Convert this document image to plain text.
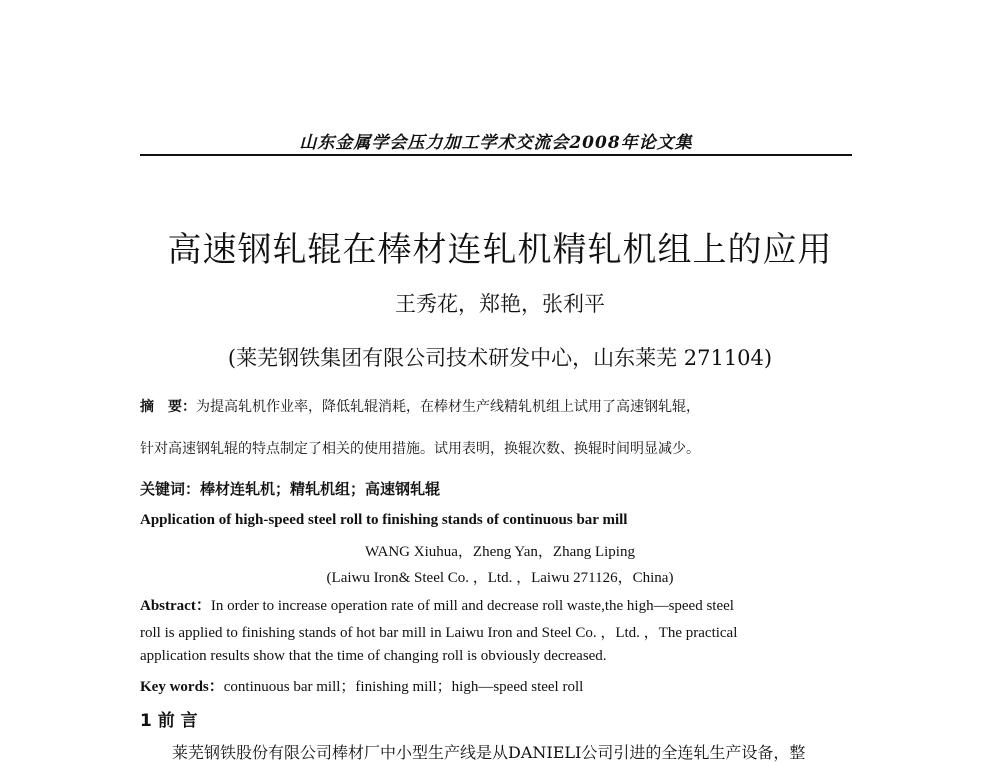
山东金属学会压力加工学术交流会2008年论文集
高速钢轧辊在棒材连轧机精轧机组上的应用
王秀花，郑艳，张利平
(莱芜钢铁集团有限公司技术研发中心，山东莱芜 271104)
摘　要：为提高轧机作业率，降低轧辊消耗，在棒材生产线精轧机组上试用了高速钢轧辊，
针对高速钢轧辊的特点制定了相关的使用措施。试用表明，换辊次数、换辊时间明显减少。
关键词：棒材连轧机；精轧机组；高速钢轧辊
Application of high-speed steel roll to finishing stands of continuous bar mill
WANG Xiuhua，Zheng Yan，Zhang Liping
(Laiwu Iron& Steel Co. ，Ltd. ，Laiwu 271126，China)
Abstract：In order to increase operation rate of mill and decrease roll waste,the high—speed steel
roll is applied to finishing stands of hot bar mill in Laiwu Iron and Steel Co. ，Ltd. ，The practical
application results show that the time of changing roll is obviously decreased.
Key words：continuous bar mill；finishing mill；high—speed steel roll
1 前 言
莱芜钢铁股份有限公司棒材厂中小型生产线是从DANIELI公司引进的全连轧生产设备，整
